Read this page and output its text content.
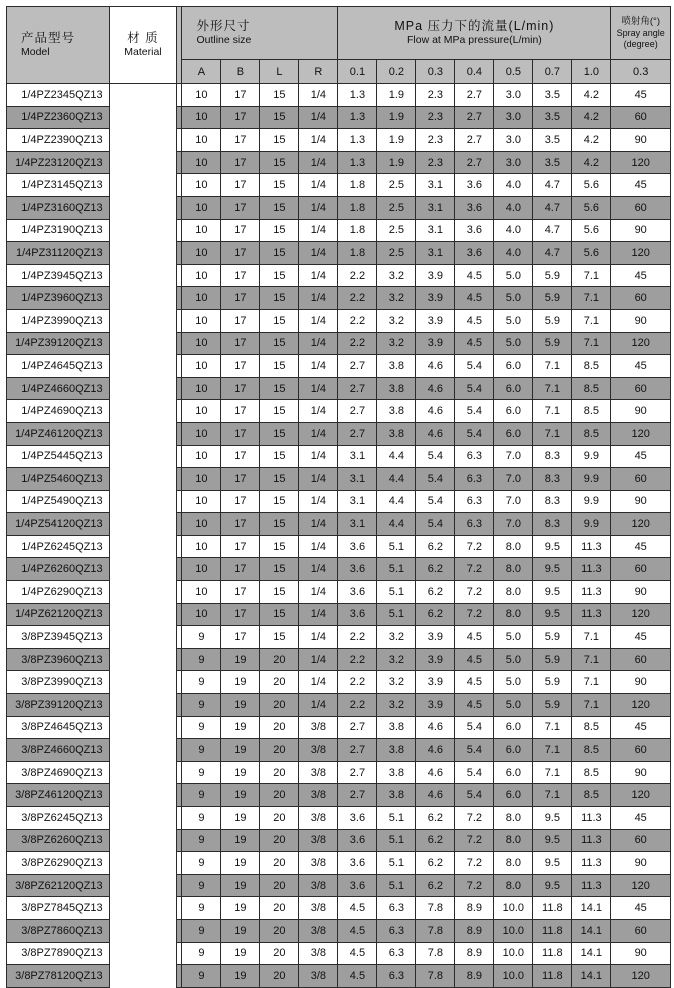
产品型号
Model	材 质
Material		外形尺寸
Outline size				MPa 压力下的流量(L/min)
Flow at MPa pressure(L/min)							喷射角(°)
Spray angle
(degree)

			A	B	L	R	0.1	0.2	0.3	0.4	0.5	0.7	1.0	0.3
1/4PZ2345QZ13			10	17	15	1/4	1.3	1.9	2.3	2.7	3.0	3.5	4.2	45
1/4PZ2360QZ13			10	17	15	1/4	1.3	1.9	2.3	2.7	3.0	3.5	4.2	60
1/4PZ2390QZ13			10	17	15	1/4	1.3	1.9	2.3	2.7	3.0	3.5	4.2	90
1/4PZ23120QZ13			10	17	15	1/4	1.3	1.9	2.3	2.7	3.0	3.5	4.2	120
1/4PZ3145QZ13			10	17	15	1/4	1.8	2.5	3.1	3.6	4.0	4.7	5.6	45
1/4PZ3160QZ13			10	17	15	1/4	1.8	2.5	3.1	3.6	4.0	4.7	5.6	60
1/4PZ3190QZ13			10	17	15	1/4	1.8	2.5	3.1	3.6	4.0	4.7	5.6	90
1/4PZ31120QZ13			10	17	15	1/4	1.8	2.5	3.1	3.6	4.0	4.7	5.6	120
1/4PZ3945QZ13			10	17	15	1/4	2.2	3.2	3.9	4.5	5.0	5.9	7.1	45
1/4PZ3960QZ13			10	17	15	1/4	2.2	3.2	3.9	4.5	5.0	5.9	7.1	60
1/4PZ3990QZ13			10	17	15	1/4	2.2	3.2	3.9	4.5	5.0	5.9	7.1	90
1/4PZ39120QZ13			10	17	15	1/4	2.2	3.2	3.9	4.5	5.0	5.9	7.1	120
1/4PZ4645QZ13			10	17	15	1/4	2.7	3.8	4.6	5.4	6.0	7.1	8.5	45
1/4PZ4660QZ13			10	17	15	1/4	2.7	3.8	4.6	5.4	6.0	7.1	8.5	60
1/4PZ4690QZ13			10	17	15	1/4	2.7	3.8	4.6	5.4	6.0	7.1	8.5	90
1/4PZ46120QZ13			10	17	15	1/4	2.7	3.8	4.6	5.4	6.0	7.1	8.5	120
1/4PZ5445QZ13			10	17	15	1/4	3.1	4.4	5.4	6.3	7.0	8.3	9.9	45
1/4PZ5460QZ13			10	17	15	1/4	3.1	4.4	5.4	6.3	7.0	8.3	9.9	60
1/4PZ5490QZ13			10	17	15	1/4	3.1	4.4	5.4	6.3	7.0	8.3	9.9	90
1/4PZ54120QZ13			10	17	15	1/4	3.1	4.4	5.4	6.3	7.0	8.3	9.9	120
1/4PZ6245QZ13			10	17	15	1/4	3.6	5.1	6.2	7.2	8.0	9.5	11.3	45
1/4PZ6260QZ13			10	17	15	1/4	3.6	5.1	6.2	7.2	8.0	9.5	11.3	60
1/4PZ6290QZ13			10	17	15	1/4	3.6	5.1	6.2	7.2	8.0	9.5	11.3	90
1/4PZ62120QZ13			10	17	15	1/4	3.6	5.1	6.2	7.2	8.0	9.5	11.3	120
3/8PZ3945QZ13			9	17	15	1/4	2.2	3.2	3.9	4.5	5.0	5.9	7.1	45
3/8PZ3960QZ13			9	19	20	1/4	2.2	3.2	3.9	4.5	5.0	5.9	7.1	60
3/8PZ3990QZ13			9	19	20	1/4	2.2	3.2	3.9	4.5	5.0	5.9	7.1	90
3/8PZ39120QZ13			9	19	20	1/4	2.2	3.2	3.9	4.5	5.0	5.9	7.1	120
3/8PZ4645QZ13			9	19	20	3/8	2.7	3.8	4.6	5.4	6.0	7.1	8.5	45
3/8PZ4660QZ13			9	19	20	3/8	2.7	3.8	4.6	5.4	6.0	7.1	8.5	60
3/8PZ4690QZ13			9	19	20	3/8	2.7	3.8	4.6	5.4	6.0	7.1	8.5	90
3/8PZ46120QZ13			9	19	20	3/8	2.7	3.8	4.6	5.4	6.0	7.1	8.5	120
3/8PZ6245QZ13			9	19	20	3/8	3.6	5.1	6.2	7.2	8.0	9.5	11.3	45
3/8PZ6260QZ13			9	19	20	3/8	3.6	5.1	6.2	7.2	8.0	9.5	11.3	60
3/8PZ6290QZ13			9	19	20	3/8	3.6	5.1	6.2	7.2	8.0	9.5	11.3	90
3/8PZ62120QZ13			9	19	20	3/8	3.6	5.1	6.2	7.2	8.0	9.5	11.3	120
3/8PZ7845QZ13			9	19	20	3/8	4.5	6.3	7.8	8.9	10.0	11.8	14.1	45
3/8PZ7860QZ13			9	19	20	3/8	4.5	6.3	7.8	8.9	10.0	11.8	14.1	60
3/8PZ7890QZ13			9	19	20	3/8	4.5	6.3	7.8	8.9	10.0	11.8	14.1	90
3/8PZ78120QZ13			9	19	20	3/8	4.5	6.3	7.8	8.9	10.0	11.8	14.1	120
